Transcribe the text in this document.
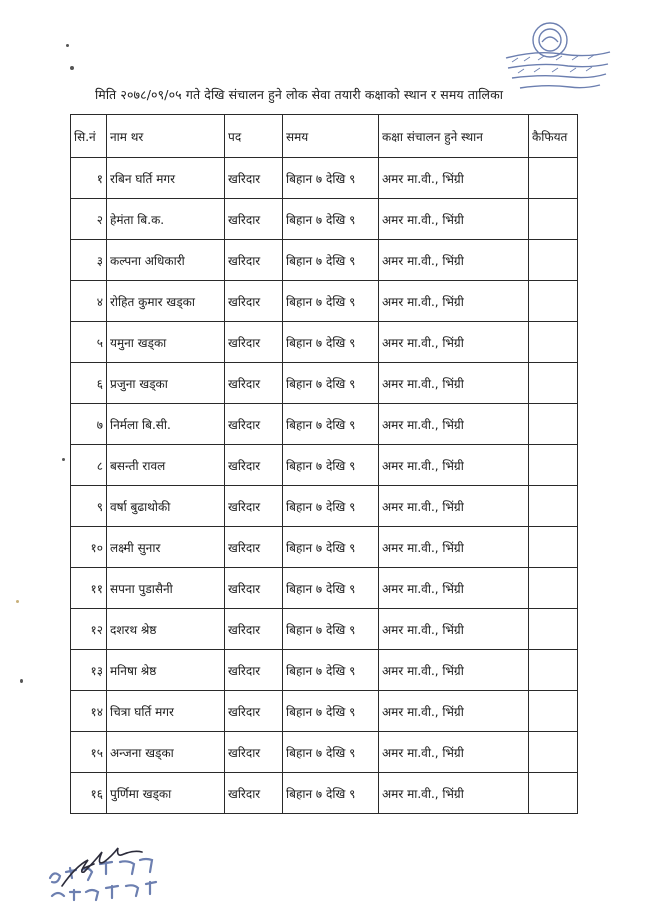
मिति २०७८/०९/०५ गते देखि संचालन हुने लोक सेवा तयारी कक्षाको स्थान र समय तालिका
सि.नं	नाम थर	पद	समय	कक्षा संचालन हुने स्थान	कैफियत
१	रबिन घर्ति मगर	खरिदार	बिहान ७ देखि ९	अमर मा.वी., भिंग्री	
२	हेमंता बि.क.	खरिदार	बिहान ७ देखि ९	अमर मा.वी., भिंग्री	
३	कल्पना अधिकारी	खरिदार	बिहान ७ देखि ९	अमर मा.वी., भिंग्री	
४	रोहित कुमार खड्का	खरिदार	बिहान ७ देखि ९	अमर मा.वी., भिंग्री	
५	यमुना खड्का	खरिदार	बिहान ७ देखि ९	अमर मा.वी., भिंग्री	
६	प्रजुना खड्का	खरिदार	बिहान ७ देखि ९	अमर मा.वी., भिंग्री	
७	निर्मला बि.सी.	खरिदार	बिहान ७ देखि ९	अमर मा.वी., भिंग्री	
८	बसन्ती रावल	खरिदार	बिहान ७ देखि ९	अमर मा.वी., भिंग्री	
९	वर्षा बुढाथोकी	खरिदार	बिहान ७ देखि ९	अमर मा.वी., भिंग्री	
१०	लक्ष्मी सुनार	खरिदार	बिहान ७ देखि ९	अमर मा.वी., भिंग्री	
११	सपना पुडासैनी	खरिदार	बिहान ७ देखि ९	अमर मा.वी., भिंग्री	
१२	दशरथ श्रेष्ठ	खरिदार	बिहान ७ देखि ९	अमर मा.वी., भिंग्री	
१३	मनिषा श्रेष्ठ	खरिदार	बिहान ७ देखि ९	अमर मा.वी., भिंग्री	
१४	चित्रा घर्ति मगर	खरिदार	बिहान ७ देखि ९	अमर मा.वी., भिंग्री	
१५	अन्जना खड्का	खरिदार	बिहान ७ देखि ९	अमर मा.वी., भिंग्री	
१६	पुर्णिमा खड्का	खरिदार	बिहान ७ देखि ९	अमर मा.वी., भिंग्री	
